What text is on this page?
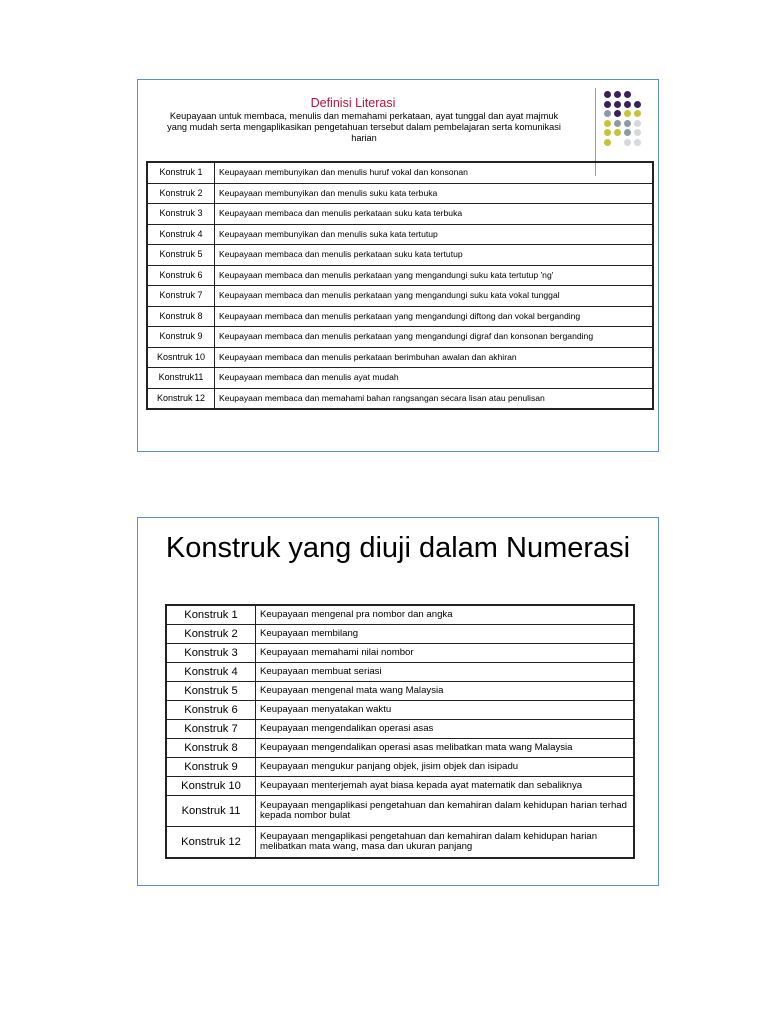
Definisi Literasi
Keupayaan untuk membaca, menulis dan memahami perkataan, ayat tunggal dan ayat majmuk yang mudah serta mengaplikasikan pengetahuan tersebut dalam pembelajaran serta komunikasi harian
Konstruk 1	Keupayaan membunyikan dan menulis huruf vokal dan konsonan
Konstruk 2	Keupayaan membunyikan dan menulis suku kata terbuka
Konstruk 3	Keupayaan membaca dan menulis perkataan suku kata terbuka
Konstruk 4	Keupayaan membunyikan dan menulis suka kata tertutup
Konstruk 5	Keupayaan membaca dan menulis perkataan suku kata tertutup
Konstruk 6	Keupayaan membaca dan menulis perkataan yang mengandungi suku kata tertutup 'ng'
Konstruk 7	Keupayaan membaca dan menulis perkataan yang mengandungi suku kata vokal tunggal
Konstruk 8	Keupayaan membaca dan menulis perkataan yang mengandungi diftong dan vokal berganding
Konstruk 9	Keupayaan membaca dan menulis perkataan yang mengandungi digraf dan konsonan berganding
Kosntruk 10	Keupayaan membaca dan menulis perkataan berimbuhan awalan dan akhiran
Konstruk11	Keupayaan membaca dan menulis ayat mudah
Konstruk 12	Keupayaan membaca dan memahami bahan rangsangan secara lisan atau penulisan
Konstruk yang diuji dalam Numerasi
Konstruk 1	Keupayaan mengenal pra nombor dan angka
Konstruk 2	Keupayaan membilang
Konstruk 3	Keupayaan memahami nilai nombor
Konstruk 4	Keupayaan membuat seriasi
Konstruk 5	Keupayaan mengenal mata wang Malaysia
Konstruk 6	Keupayaan menyatakan waktu
Konstruk 7	Keupayaan mengendalikan operasi asas
Konstruk 8	Keupayaan mengendalikan operasi asas melibatkan mata wang Malaysia
Konstruk 9	Keupayaan mengukur panjang objek, jisim objek dan isipadu
Konstruk 10	Keupayaan menterjemah ayat biasa kepada ayat matematik dan sebaliknya
Konstruk 11	Keupayaan mengaplikasi pengetahuan dan kemahiran dalam kehidupan harian terhad kepada nombor bulat
Konstruk 12	Keupayaan mengaplikasi pengetahuan dan kemahiran dalam kehidupan harian melibatkan mata wang, masa dan ukuran panjang
